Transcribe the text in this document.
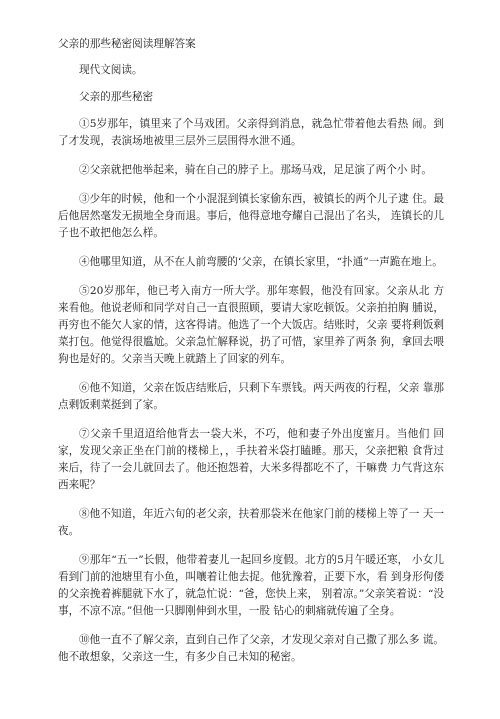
父亲的那些秘密阅读理解答案

现代文阅读。

父亲的那些秘密

①5岁那年，镇里来了个马戏团。父亲得到消息，就急忙带着他去看热 闹。到了才发现，表演场地被里三层外三层围得水泄不通。

②父亲就把他举起来，骑在自己的脖子上。那场马戏，足足演了两个小 时。

③少年的时候，他和一个小混混到镇长家偷东西，被镇长的两个儿子逮 住。最后他居然毫发无损地全身而退。事后，他得意地夸耀自己混出了名头， 连镇长的儿子也不敢把他怎么样。

④他哪里知道，从不在人前弯腰的‘父亲，在镇长家里，“扑通”一声跪在地上。

⑤20岁那年，他已考入南方一所大学。那年寒假，他没有回家。父亲从北 方来看他。他说老师和同学对自己一直很照顾，要请大家吃顿饭。父亲拍拍胸 脯说，再穷也不能欠人家的情，这客得请。他选了一个大饭店。结账时，父亲 要将剩饭剩菜打包。他觉得很尴尬。父亲急忙解释说，扔了可惜，家里养了两条 狗，拿回去喂狗也是好的。父亲当天晚上就踏上了回家的列车。

⑥他不知道，父亲在饭店结账后，只剩下车票钱。两天两夜的行程，父亲 靠那点剩饭剩菜挺到了家。

⑦父亲千里迢迢给他背去一袋大米，不巧，他和妻子外出度蜜月。当他们 回家，发现父亲正坐在门前的楼梯上，，手扶着米袋打瞌睡。那天，父亲把粮 食背过来后，待了一会儿就回去了。他还抱怨着，大米多得都吃不了，干嘛费 力气背这东西来呢？

⑧他不知道，年近六旬的老父亲，扶着那袋米在他家门前的楼梯上等了一 天一夜。

⑨那年“五一”长假，他带着妻儿一起回乡度假。北方的5月午暖还寒， 小女儿看到门前的池塘里有小鱼，叫嚷着让他去捉。他犹豫着，正要下水，看 到身形佝偻的父亲挽着裤腿就下水了，就急忙说：“爸，您快上来， 别着凉。”父亲笑着说：“没事，不凉不凉。”但他一只脚刚伸到水里，一股 钻心的刺痛就传遍了全身。

⑩他一直不了解父亲，直到自己作了父亲，才发现父亲对自己撒了那么多 谎。他不敢想象，父亲这一生，有多少自己未知的秘密。
